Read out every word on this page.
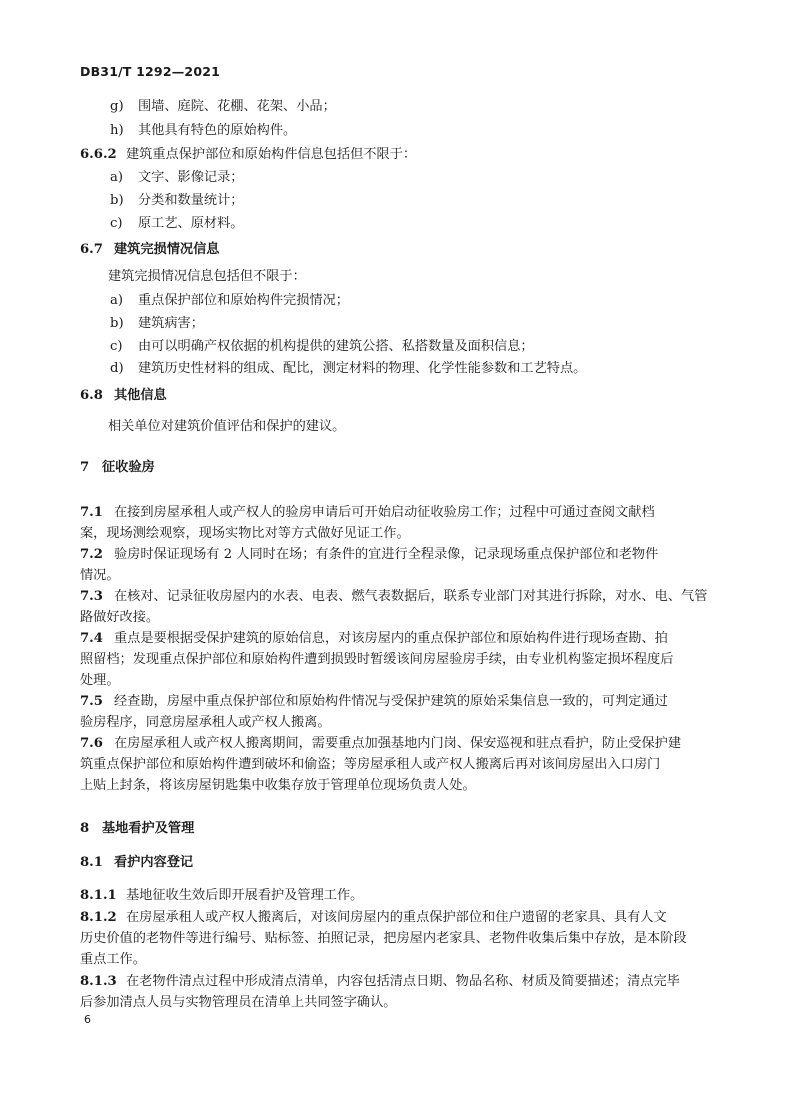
DB31/T 1292—2021
g) 围墙、庭院、花棚、花架、小品；
h) 其他具有特色的原始构件。
6.6.2 建筑重点保护部位和原始构件信息包括但不限于：
a) 文字、影像记录；
b) 分类和数量统计；
c) 原工艺、原材料。
6.7 建筑完损情况信息
建筑完损情况信息包括但不限于：
a) 重点保护部位和原始构件完损情况；
b) 建筑病害；
c) 由可以明确产权依据的机构提供的建筑公搭、私搭数量及面积信息；
d) 建筑历史性材料的组成、配比，测定材料的物理、化学性能参数和工艺特点。
6.8 其他信息
相关单位对建筑价值评估和保护的建议。
7 征收验房
7.1 在接到房屋承租人或产权人的验房申请后可开始启动征收验房工作；过程中可通过查阅文献档
案，现场测绘观察，现场实物比对等方式做好见证工作。
7.2 验房时保证现场有 2 人同时在场；有条件的宜进行全程录像，记录现场重点保护部位和老物件
情况。
7.3 在核对、记录征收房屋内的水表、电表、燃气表数据后，联系专业部门对其进行拆除，对水、电、气管
路做好改接。
7.4 重点是要根据受保护建筑的原始信息，对该房屋内的重点保护部位和原始构件进行现场查勘、拍
照留档；发现重点保护部位和原始构件遭到损毁时暂缓该间房屋验房手续，由专业机构鉴定损坏程度后
处理。
7.5 经查勘，房屋中重点保护部位和原始构件情况与受保护建筑的原始采集信息一致的，可判定通过
验房程序，同意房屋承租人或产权人搬离。
7.6 在房屋承租人或产权人搬离期间，需要重点加强基地内门岗、保安巡视和驻点看护，防止受保护建
筑重点保护部位和原始构件遭到破坏和偷盗；等房屋承租人或产权人搬离后再对该间房屋出入口房门
上贴上封条，将该房屋钥匙集中收集存放于管理单位现场负责人处。
8 基地看护及管理
8.1 看护内容登记
8.1.1 基地征收生效后即开展看护及管理工作。
8.1.2 在房屋承租人或产权人搬离后，对该间房屋内的重点保护部位和住户遗留的老家具、具有人文
历史价值的老物件等进行编号、贴标签、拍照记录，把房屋内老家具、老物件收集后集中存放，是本阶段
重点工作。
8.1.3 在老物件清点过程中形成清点清单，内容包括清点日期、物品名称、材质及简要描述；清点完毕
后参加清点人员与实物管理员在清单上共同签字确认。
6
